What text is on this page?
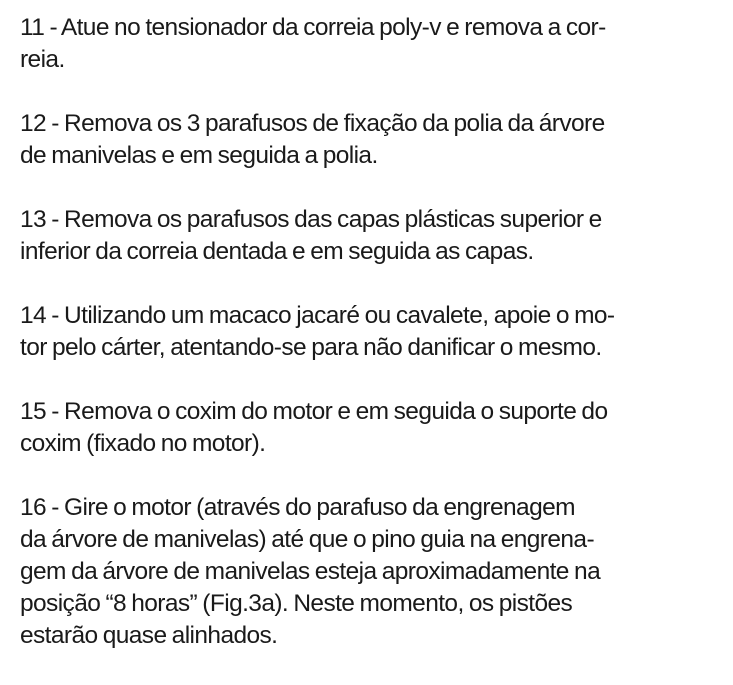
11 - Atue no tensionador da correia poly-v e remova a cor-
reia.
12 - Remova os 3 parafusos de fixação da polia da árvore
de manivelas e em seguida a polia.
13 - Remova os parafusos das capas plásticas superior e
inferior da correia dentada e em seguida as capas.
14 - Utilizando um macaco jacaré ou cavalete, apoie o mo-
tor pelo cárter, atentando-se para não danificar o mesmo.
15 - Remova o coxim do motor e em seguida o suporte do
coxim (fixado no motor).
16 - Gire o motor (através do parafuso da engrenagem
da árvore de manivelas) até que o pino guia na engrena-
gem da árvore de manivelas esteja aproximadamente na
posição “8 horas” (Fig.3a). Neste momento, os pistões
estarão quase alinhados.
